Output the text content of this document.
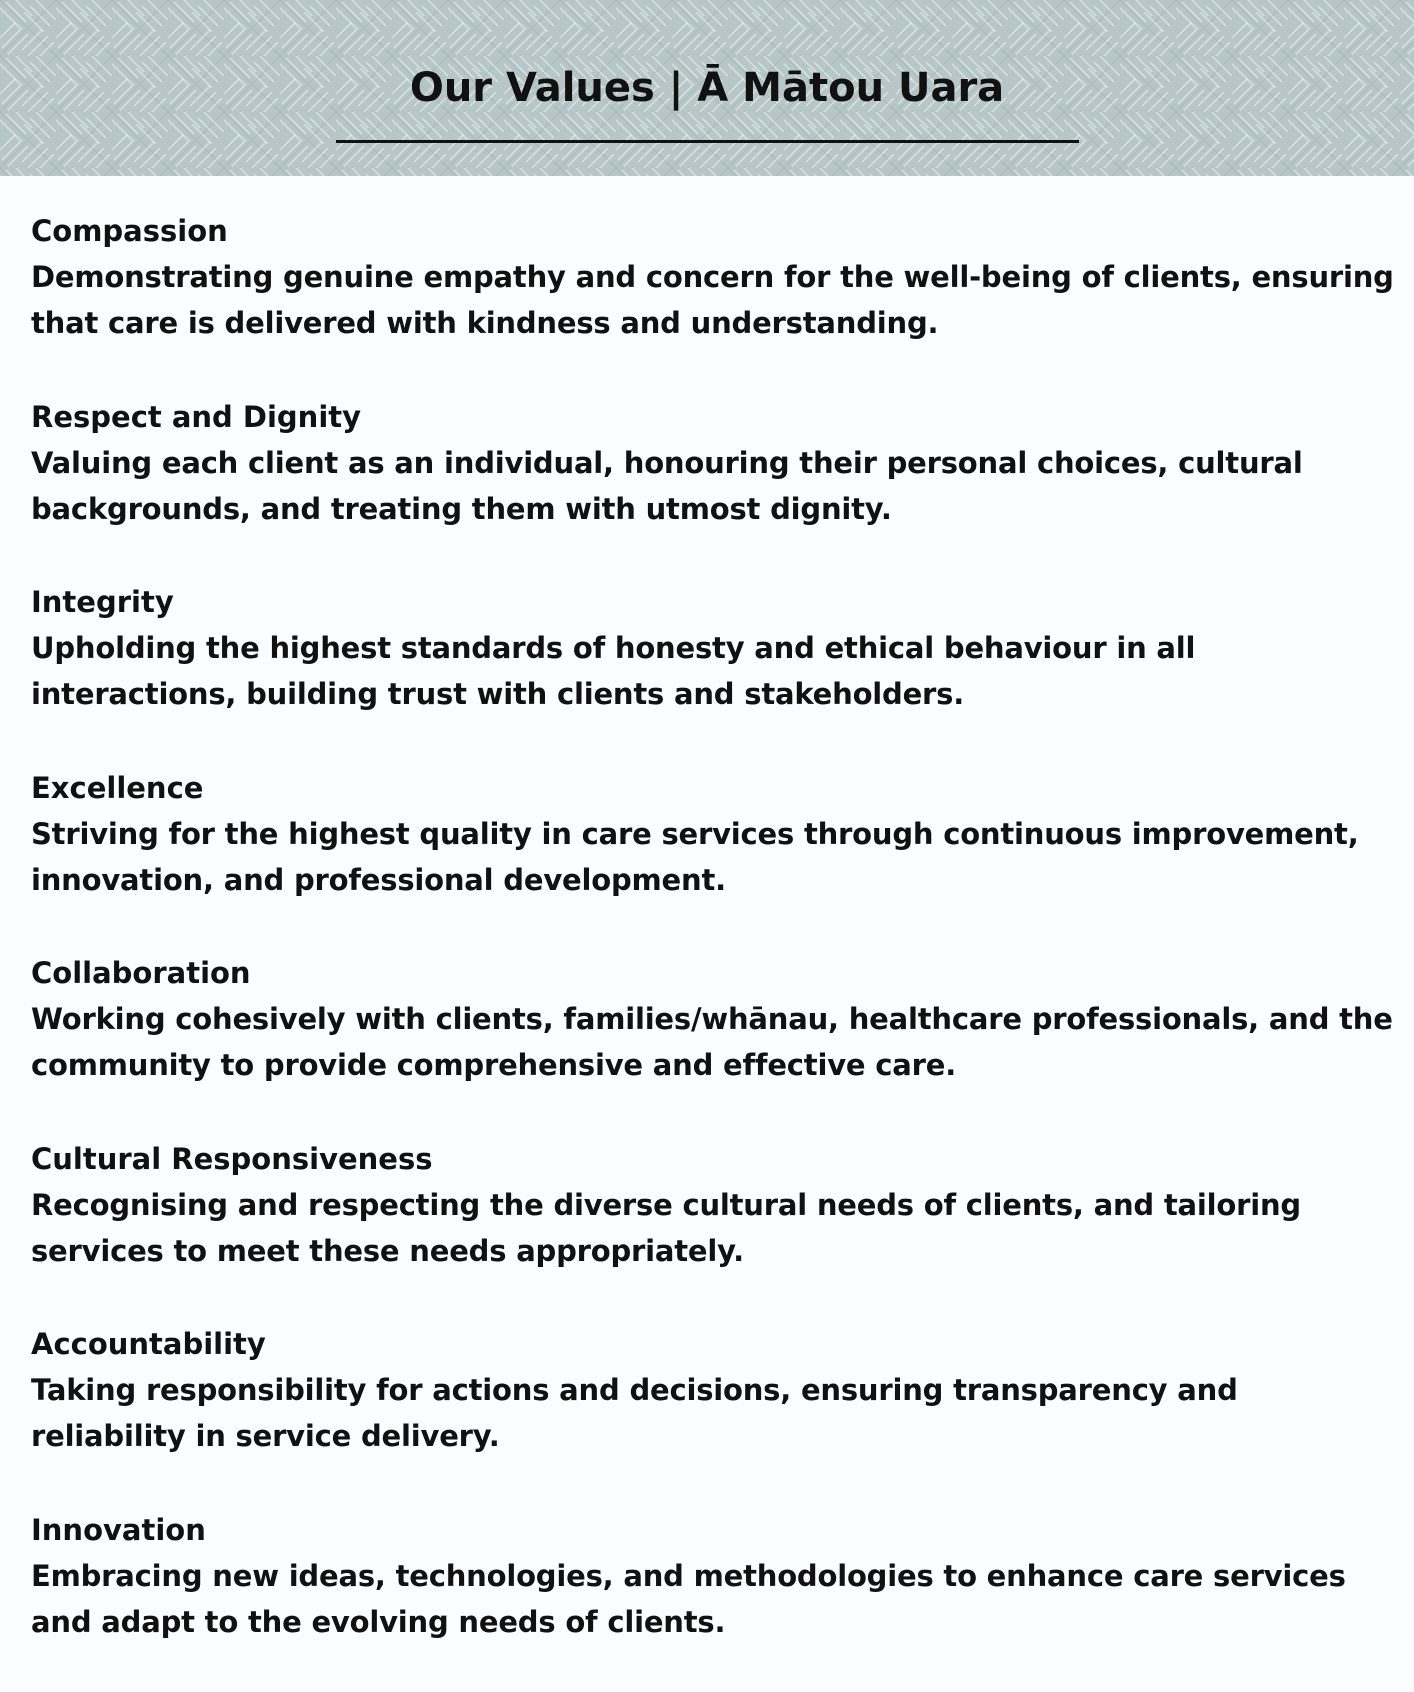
Our Values | Ā Mātou Uara
Compassion
Demonstrating genuine empathy and concern for the well-being of clients, ensuring that care is delivered with kindness and understanding.
Respect and Dignity
Valuing each client as an individual, honouring their personal choices, cultural backgrounds, and treating them with utmost dignity.
Integrity
Upholding the highest standards of honesty and ethical behaviour in all interactions, building trust with clients and stakeholders.
Excellence
Striving for the highest quality in care services through continuous improvement, innovation, and professional development.
Collaboration
Working cohesively with clients, families/whānau, healthcare professionals, and the community to provide comprehensive and effective care.
Cultural Responsiveness
Recognising and respecting the diverse cultural needs of clients, and tailoring services to meet these needs appropriately.
Accountability
Taking responsibility for actions and decisions, ensuring transparency and reliability in service delivery.
Innovation
Embracing new ideas, technologies, and methodologies to enhance care services and adapt to the evolving needs of clients.
